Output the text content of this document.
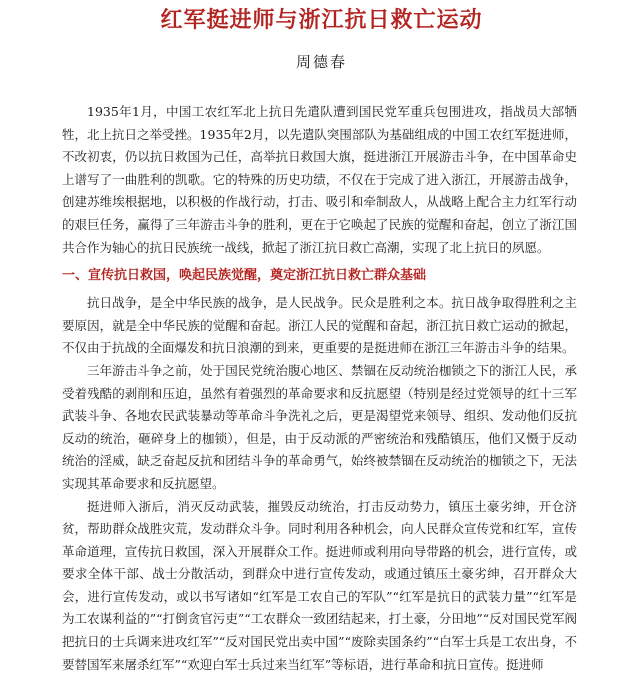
红军挺进师与浙江抗日救亡运动
周德春

1935年1月，中国工农红军北上抗日先遣队遭到国民党军重兵包围进攻，指战员大部牺牲，北上抗日之举受挫。1935年2月，以先遣队突围部队为基础组成的中国工农红军挺进师，不改初衷，仍以抗日救国为己任，高举抗日救国大旗，挺进浙江开展游击斗争，在中国革命史上谱写了一曲胜利的凯歌。它的特殊的历史功绩，不仅在于完成了进入浙江，开展游击战争，创建苏维埃根据地，以积极的作战行动，打击、吸引和牵制敌人，从战略上配合主力红军行动的艰巨任务，赢得了三年游击斗争的胜利，更在于它唤起了民族的觉醒和奋起，创立了浙江国共合作为轴心的抗日民族统一战线，掀起了浙江抗日救亡高潮，实现了北上抗日的夙愿。

一、宣传抗日救国，唤起民族觉醒，奠定浙江抗日救亡群众基础

抗日战争，是全中华民族的战争，是人民战争。民众是胜利之本。抗日战争取得胜利之主要原因，就是全中华民族的觉醒和奋起。浙江人民的觉醒和奋起，浙江抗日救亡运动的掀起，不仅由于抗战的全面爆发和抗日浪潮的到来，更重要的是挺进师在浙江三年游击斗争的结果。

三年游击斗争之前，处于国民党统治腹心地区、禁锢在反动统治枷锁之下的浙江人民，承受着残酷的剥削和压迫，虽然有着强烈的革命要求和反抗愿望（特别是经过党领导的红十三军武装斗争、各地农民武装暴动等革命斗争洗礼之后，更是渴望党来领导、组织、发动他们反抗反动的统治，砸碎身上的枷锁），但是，由于反动派的严密统治和残酷镇压，他们又慑于反动统治的淫威，缺乏奋起反抗和团结斗争的革命勇气，始终被禁锢在反动统治的枷锁之下，无法实现其革命要求和反抗愿望。

挺进师入浙后，消灭反动武装，摧毁反动统治，打击反动势力，镇压土豪劣绅，开仓济贫，帮助群众战胜灾荒，发动群众斗争。同时利用各种机会，向人民群众宣传党和红军，宣传革命道理，宣传抗日救国，深入开展群众工作。挺进师或利用向导带路的机会，进行宣传，或要求全体干部、战士分散活动，到群众中进行宣传发动，或通过镇压土豪劣绅，召开群众大会，进行宣传发动，或以书写诸如“红军是工农自己的军队”“红军是抗日的武装力量”“红军是为工农谋利益的”“打倒贪官污吏”“工农群众一致团结起来，打土豪，分田地”“反对国民党军阀把抗日的士兵调来进攻红军”“反对国民党出卖中国”“废除卖国条约”“白军士兵是工农出身，不要替国军来屠杀红军”“欢迎白军士兵过来当红军”等标语，进行革命和抗日宣传。挺进师
